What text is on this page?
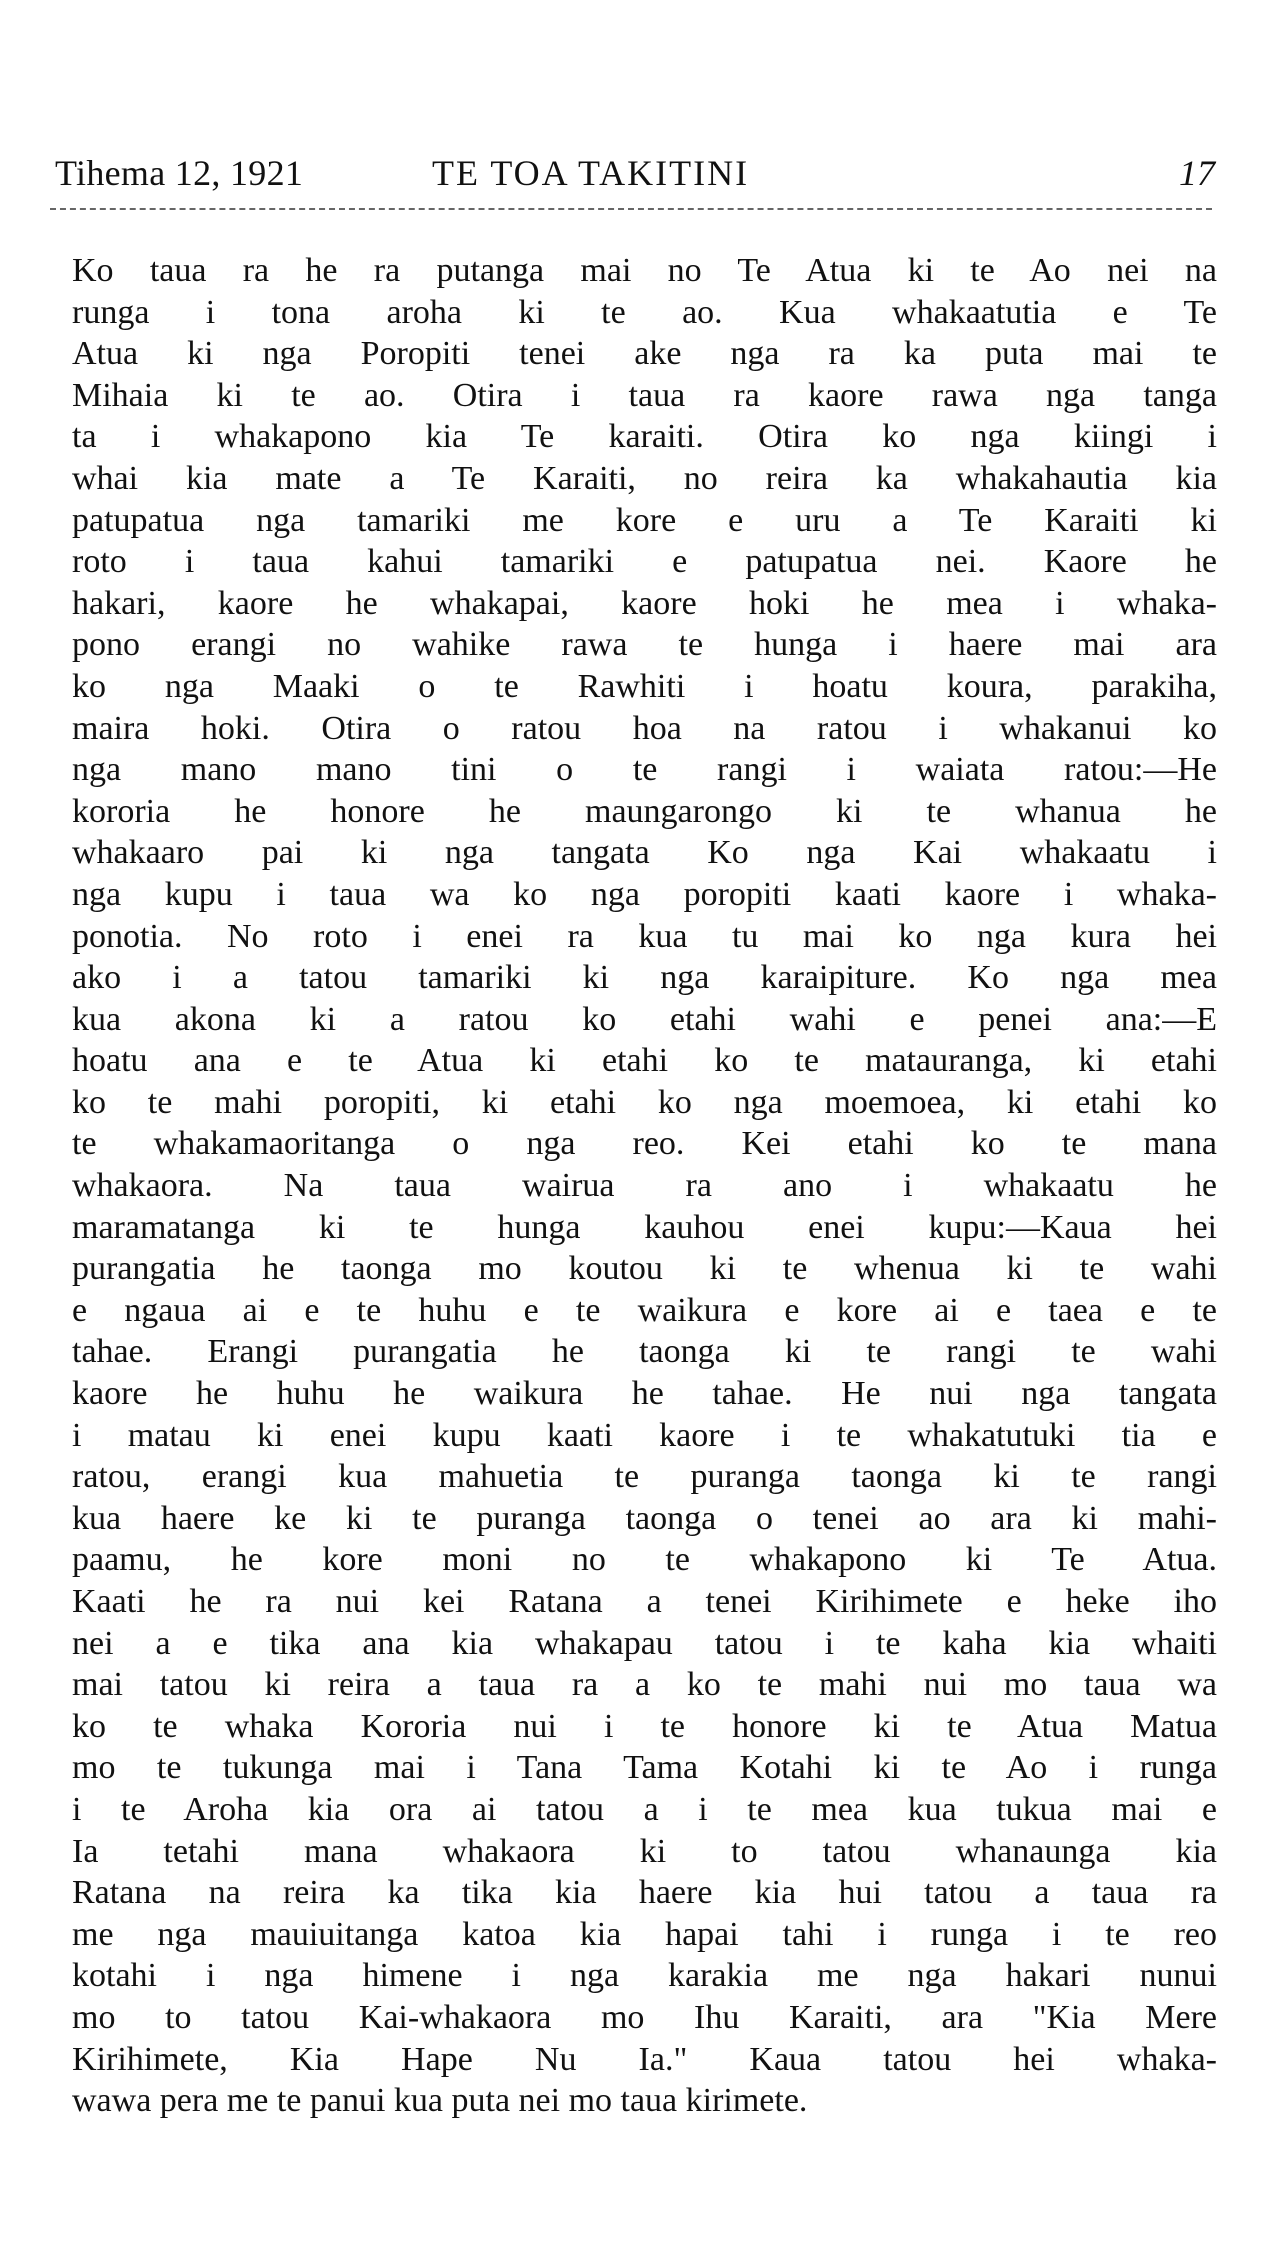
Tihema 12, 1921	TE TOA TAKITINI	17
Ko taua ra he ra putanga mai no Te Atua ki te Ao nei na
runga i tona aroha ki te ao. Kua whakaatutia e Te
Atua ki nga Poropiti tenei ake nga ra ka puta mai te
Mihaia ki te ao. Otira i taua ra kaore rawa nga tanga
ta i whakapono kia Te karaiti. Otira ko nga kiingi i
whai kia mate a Te Karaiti, no reira ka whakahautia kia
patupatua nga tamariki me kore e uru a Te Karaiti ki
roto i taua kahui tamariki e patupatua nei. Kaore he
hakari, kaore he whakapai, kaore hoki he mea i whaka-
pono erangi no wahike rawa te hunga i haere mai ara
ko nga Maaki o te Rawhiti i hoatu koura, parakiha,
maira hoki. Otira o ratou hoa na ratou i whakanui ko
nga mano mano tini o te rangi i waiata ratou:—He
kororia he honore he maungarongo ki te whanua he
whakaaro pai ki nga tangata Ko nga Kai whakaatu i
nga kupu i taua wa ko nga poropiti kaati kaore i whaka-
ponotia. No roto i enei ra kua tu mai ko nga kura hei
ako i a tatou tamariki ki nga karaipiture. Ko nga mea
kua akona ki a ratou ko etahi wahi e penei ana:—E
hoatu ana e te Atua ki etahi ko te matauranga, ki etahi
ko te mahi poropiti, ki etahi ko nga moemoea, ki etahi ko
te whakamaoritanga o nga reo. Kei etahi ko te mana
whakaora. Na taua wairua ra ano i whakaatu he
maramatanga ki te hunga kauhou enei kupu:—Kaua hei
purangatia he taonga mo koutou ki te whenua ki te wahi
e ngaua ai e te huhu e te waikura e kore ai e taea e te
tahae. Erangi purangatia he taonga ki te rangi te wahi
kaore he huhu he waikura he tahae. He nui nga tangata
i matau ki enei kupu kaati kaore i te whakatutuki tia e
ratou, erangi kua mahuetia te puranga taonga ki te rangi
kua haere ke ki te puranga taonga o tenei ao ara ki mahi-
paamu, he kore moni no te whakapono ki Te Atua.
Kaati he ra nui kei Ratana a tenei Kirihimete e heke iho
nei a e tika ana kia whakapau tatou i te kaha kia whaiti
mai tatou ki reira a taua ra a ko te mahi nui mo taua wa
ko te whaka Kororia nui i te honore ki te Atua Matua
mo te tukunga mai i Tana Tama Kotahi ki te Ao i runga
i te Aroha kia ora ai tatou a i te mea kua tukua mai e
Ia tetahi mana whakaora ki to tatou whanaunga kia
Ratana na reira ka tika kia haere kia hui tatou a taua ra
me nga mauiuitanga katoa kia hapai tahi i runga i te reo
kotahi i nga himene i nga karakia me nga hakari nunui
mo to tatou Kai-whakaora mo Ihu Karaiti, ara "Kia Mere
Kirihimete, Kia Hape Nu Ia." Kaua tatou hei whaka-
wawa pera me te panui kua puta nei mo taua kirimete.
